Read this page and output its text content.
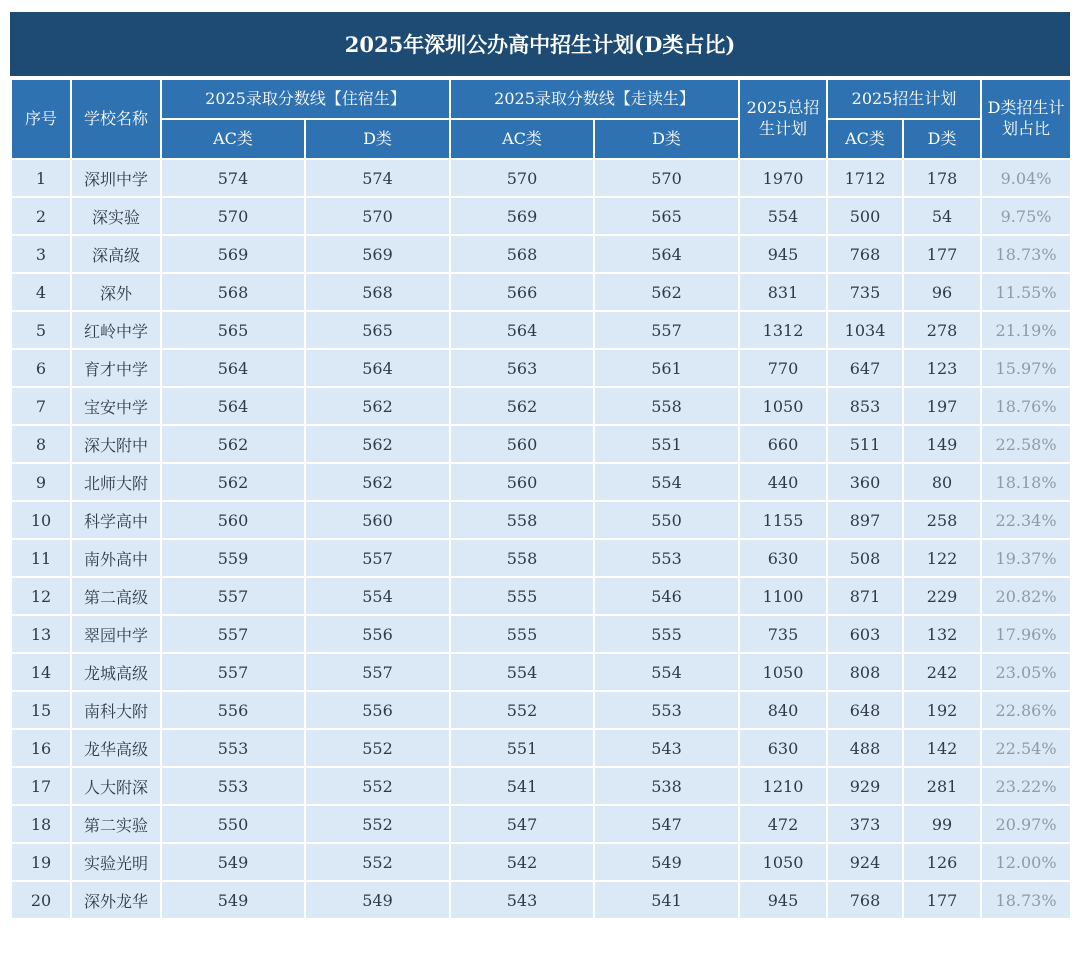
2025年深圳公办高中招生计划(D类占比)
序号	学校名称	2025录取分数线【住宿生】		2025录取分数线【走读生】		2025总招生计划	2025招生计划		D类招生计划占比
		AC类	D类	AC类	D类		AC类	D类	
1	深圳中学	574	574	570	570	1970	1712	178	9.04%
2	深实验	570	570	569	565	554	500	54	9.75%
3	深高级	569	569	568	564	945	768	177	18.73%
4	深外	568	568	566	562	831	735	96	11.55%
5	红岭中学	565	565	564	557	1312	1034	278	21.19%
6	育才中学	564	564	563	561	770	647	123	15.97%
7	宝安中学	564	562	562	558	1050	853	197	18.76%
8	深大附中	562	562	560	551	660	511	149	22.58%
9	北师大附	562	562	560	554	440	360	80	18.18%
10	科学高中	560	560	558	550	1155	897	258	22.34%
11	南外高中	559	557	558	553	630	508	122	19.37%
12	第二高级	557	554	555	546	1100	871	229	20.82%
13	翠园中学	557	556	555	555	735	603	132	17.96%
14	龙城高级	557	557	554	554	1050	808	242	23.05%
15	南科大附	556	556	552	553	840	648	192	22.86%
16	龙华高级	553	552	551	543	630	488	142	22.54%
17	人大附深	553	552	541	538	1210	929	281	23.22%
18	第二实验	550	552	547	547	472	373	99	20.97%
19	实验光明	549	552	542	549	1050	924	126	12.00%
20	深外龙华	549	549	543	541	945	768	177	18.73%
